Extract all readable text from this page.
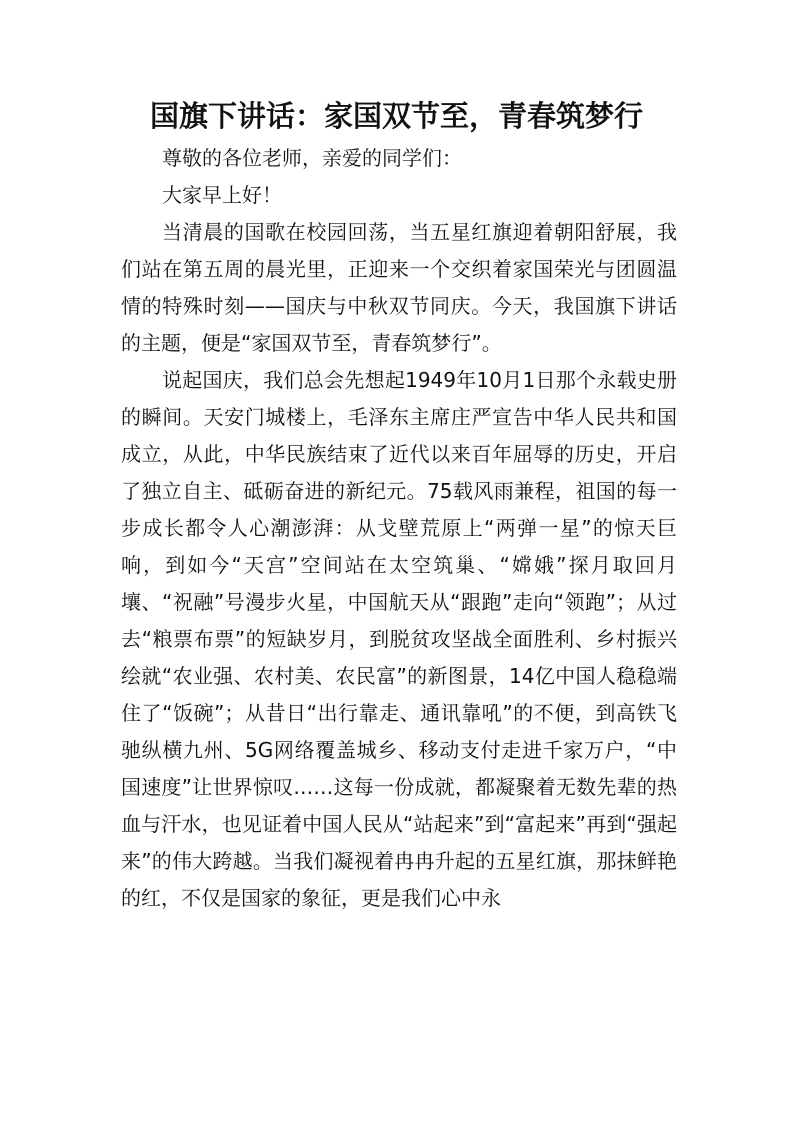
国旗下讲话：家国双节至，青春筑梦行

尊敬的各位老师，亲爱的同学们：

大家早上好！

当清晨的国歌在校园回荡，当五星红旗迎着朝阳舒展，我们站在第五周的晨光里，正迎来一个交织着家国荣光与团圆温情的特殊时刻——国庆与中秋双节同庆。今天，我国旗下讲话的主题，便是“家国双节至，青春筑梦行”。

说起国庆，我们总会先想起1949年10月1日那个永载史册的瞬间。天安门城楼上，毛泽东主席庄严宣告中华人民共和国成立，从此，中华民族结束了近代以来百年屈辱的历史，开启了独立自主、砥砺奋进的新纪元。75载风雨兼程，祖国的每一步成长都令人心潮澎湃：从戈壁荒原上“两弹一星”的惊天巨响，到如今“天宫”空间站在太空筑巢、“嫦娥”探月取回月壤、“祝融”号漫步火星，中国航天从“跟跑”走向“领跑”；从过去“粮票布票”的短缺岁月，到脱贫攻坚战全面胜利、乡村振兴绘就“农业强、农村美、农民富”的新图景，14亿中国人稳稳端住了“饭碗”；从昔日“出行靠走、通讯靠吼”的不便，到高铁飞驰纵横九州、5G网络覆盖城乡、移动支付走进千家万户，“中国速度”让世界惊叹……这每一份成就，都凝聚着无数先辈的热血与汗水，也见证着中国人民从“站起来”到“富起来”再到“强起来”的伟大跨越。当我们凝视着冉冉升起的五星红旗，那抹鲜艳的红，不仅是国家的象征，更是我们心中永
